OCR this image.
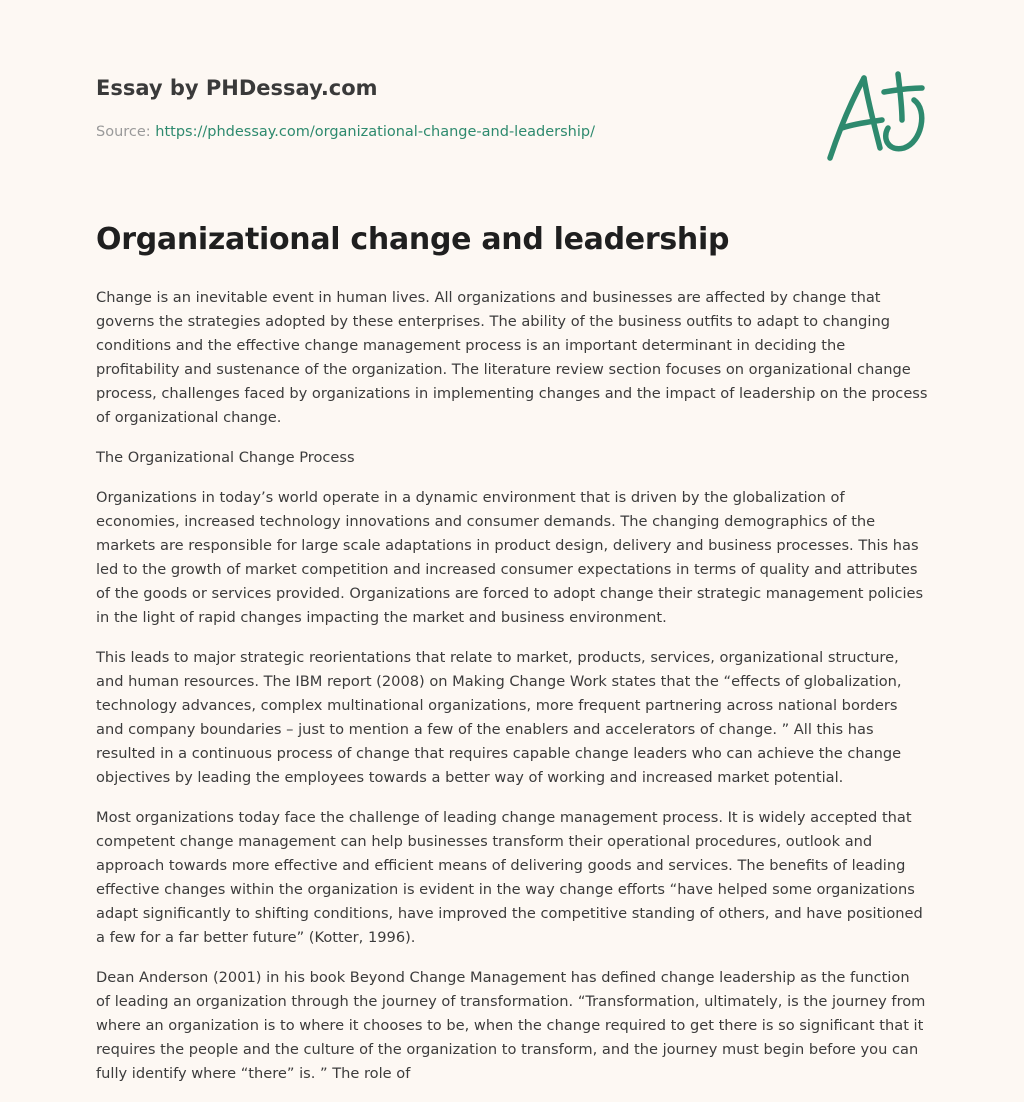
Essay by PHDessay.com
Source: https://phdessay.com/organizational-change-and-leadership/
Organizational change and leadership

Change is an inevitable event in human lives. All organizations and businesses are affected by change that governs the strategies adopted by these enterprises. The ability of the business outfits to adapt to changing conditions and the effective change management process is an important determinant in deciding the profitability and sustenance of the organization. The literature review section focuses on organizational change process, challenges faced by organizations in implementing changes and the impact of leadership on the process of organizational change.

The Organizational Change Process

Organizations in today’s world operate in a dynamic environment that is driven by the globalization of economies, increased technology innovations and consumer demands. The changing demographics of the markets are responsible for large scale adaptations in product design, delivery and business processes. This has led to the growth of market competition and increased consumer expectations in terms of quality and attributes of the goods or services provided. Organizations are forced to adopt change their strategic management policies in the light of rapid changes impacting the market and business environment.

This leads to major strategic reorientations that relate to market, products, services, organizational structure, and human resources. The IBM report (2008) on Making Change Work states that the “effects of globalization, technology advances, complex multinational organizations, more frequent partnering across national borders and company boundaries – just to mention a few of the enablers and accelerators of change. ” All this has resulted in a continuous process of change that requires capable change leaders who can achieve the change objectives by leading the employees towards a better way of working and increased market potential.

Most organizations today face the challenge of leading change management process. It is widely accepted that competent change management can help businesses transform their operational procedures, outlook and approach towards more effective and efficient means of delivering goods and services. The benefits of leading effective changes within the organization is evident in the way change efforts “have helped some organizations adapt significantly to shifting conditions, have improved the competitive standing of others, and have positioned a few for a far better future” (Kotter, 1996).

Dean Anderson (2001) in his book Beyond Change Management has defined change leadership as the function of leading an organization through the journey of transformation. “Transformation, ultimately, is the journey from where an organization is to where it chooses to be, when the change required to get there is so significant that it requires the people and the culture of the organization to transform, and the journey must begin before you can fully identify where “there” is. ” The role of
